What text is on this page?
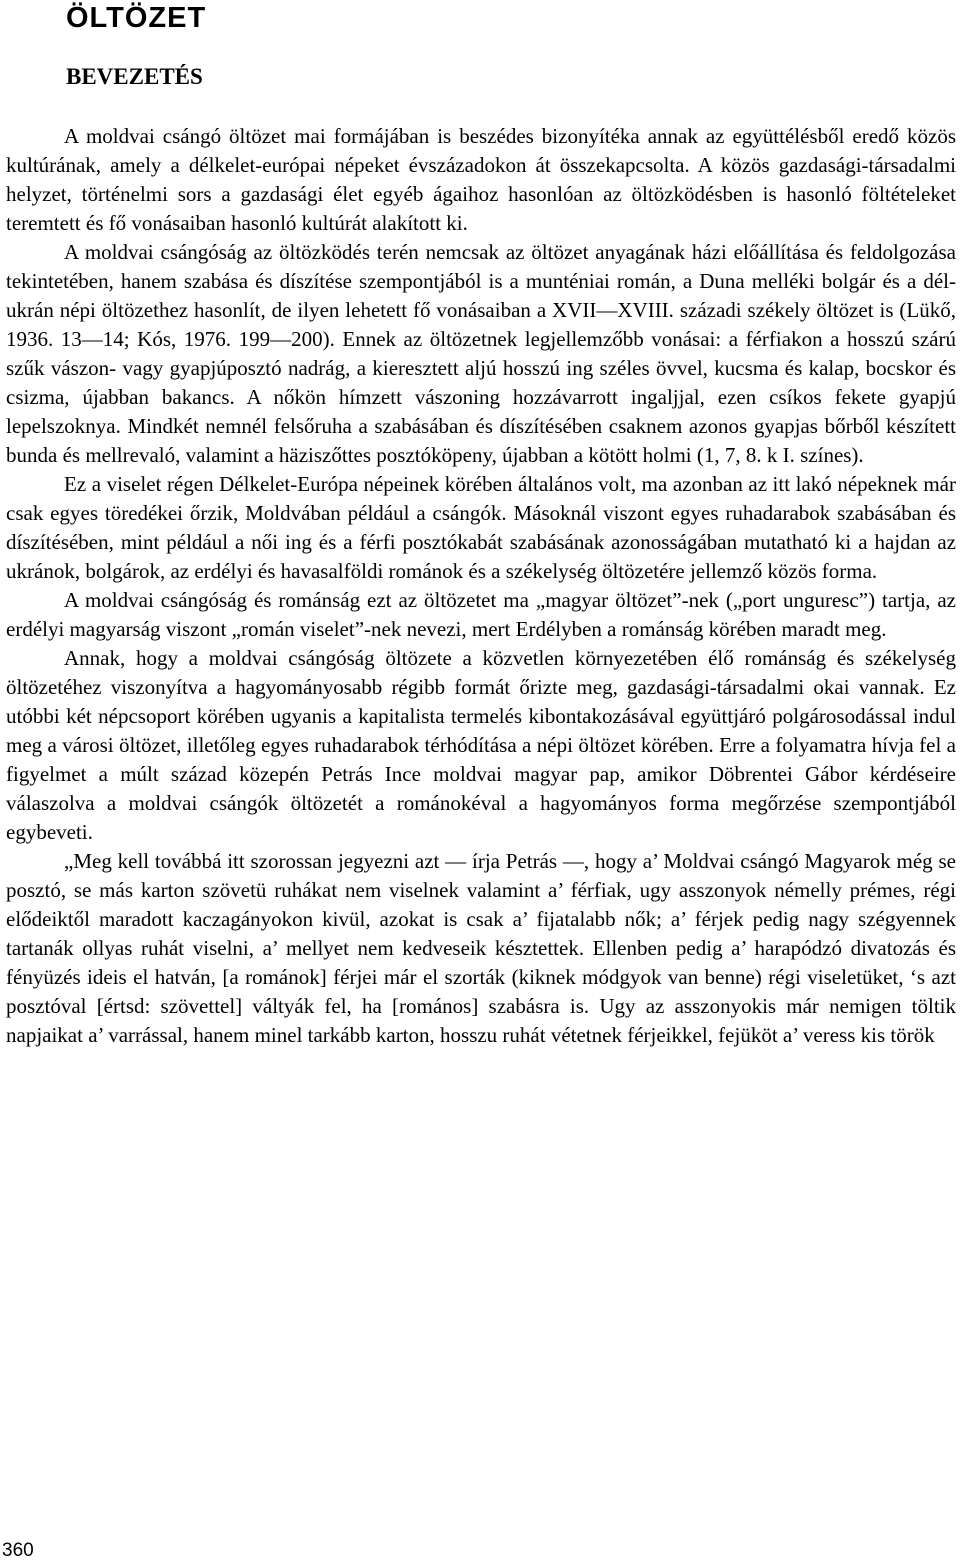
ÖLTÖZET
BEVEZETÉS

A moldvai csángó öltözet mai formájában is beszédes bizonyítéka annak az együttélésből eredő közös kultúrának, amely a délkelet-európai népeket évszázadokon át összekapcsolta. A közös gazdasági-társadalmi helyzet, történelmi sors a gazdasági élet egyéb ágaihoz hasonlóan az öltözködésben is hasonló föltételeket teremtett és fő vonásaiban hasonló kultúrát alakított ki.

A moldvai csángóság az öltözködés terén nemcsak az öltözet anyagának házi előállítása és feldolgozása tekintetében, hanem szabása és díszítése szempontjából is a munténiai román, a Duna melléki bolgár és a dél-ukrán népi öltözethez hasonlít, de ilyen lehetett fő vonásaiban a XVII—XVIII. századi székely öltözet is (Lükő, 1936. 13—14; Kós, 1976. 199—200). Ennek az öltözetnek legjellemzőbb vonásai: a férfiakon a hosszú szárú szűk vászon- vagy gyapjúposztó nadrág, a kieresztett aljú hosszú ing széles övvel, kucsma és kalap, bocskor és csizma, újabban bakancs. A nőkön hímzett vászoning hozzávarrott ingaljjal, ezen csíkos fekete gyapjú lepelszoknya. Mindkét nemnél felsőruha a szabásában és díszítésében csaknem azonos gyapjas bőrből készített bunda és mellrevaló, valamint a häziszőttes posztóköpeny, újabban a kötött holmi (1, 7, 8. k I. színes).

Ez a viselet régen Délkelet-Európa népeinek körében általános volt, ma azonban az itt lakó népeknek már csak egyes töredékei őrzik, Moldvában például a csángók. Másoknál viszont egyes ruhadarabok szabásában és díszítésében, mint például a női ing és a férfi posztókabát szabásának azonosságában mutatható ki a hajdan az ukránok, bolgárok, az erdélyi és havasalföldi románok és a székelység öltözetére jellemző közös forma.

A moldvai csángóság és románság ezt az öltözetet ma „magyar öltözet”-nek („port unguresc”) tartja, az erdélyi magyarság viszont „román viselet”-nek nevezi, mert Erdélyben a románság körében maradt meg.

Annak, hogy a moldvai csángóság öltözete a közvetlen környezetében élő románság és székelység öltözetéhez viszonyítva a hagyományosabb régibb formát őrizte meg, gazdasági-társadalmi okai vannak. Ez utóbbi két népcsoport körében ugyanis a kapitalista termelés kibontakozásával együttjáró polgárosodással indul meg a városi öltözet, illetőleg egyes ruhadarabok térhódítása a népi öltözet körében. Erre a folyamatra hívja fel a figyelmet a múlt század közepén Petrás Ince moldvai magyar pap, amikor Döbrentei Gábor kérdéseire válaszolva a moldvai csángók öltözetét a románokéval a hagyományos forma megőrzése szempontjából egybeveti.

„Meg kell továbbá itt szorossan jegyezni azt — írja Petrás —, hogy a’ Moldvai csángó Magyarok még se posztó, se más karton szövetü ruhákat nem viselnek valamint a’ férfiak, ugy asszonyok némelly prémes, régi elődeiktől maradott kaczagányokon kivül, azokat is csak a’ fijatalabb nők; a’ férjek pedig nagy szégyennek tartanák ollyas ruhát viselni, a’ mellyet nem kedveseik késztettek. Ellenben pedig a’ harapódzó divatozás és fényüzés ideis el hatván, [a románok] férjei már el szorták (kiknek módgyok van benne) régi viseletüket, ‘s azt posztóval [értsd: szövettel] váltyák fel, ha [romános] szabásra is. Ugy az asszonyokis már nemigen töltik napjaikat a’ varrással, hanem minel tarkább karton, hosszu ruhát vétetnek férjeikkel, fejüköt a’ veress kis török

360
